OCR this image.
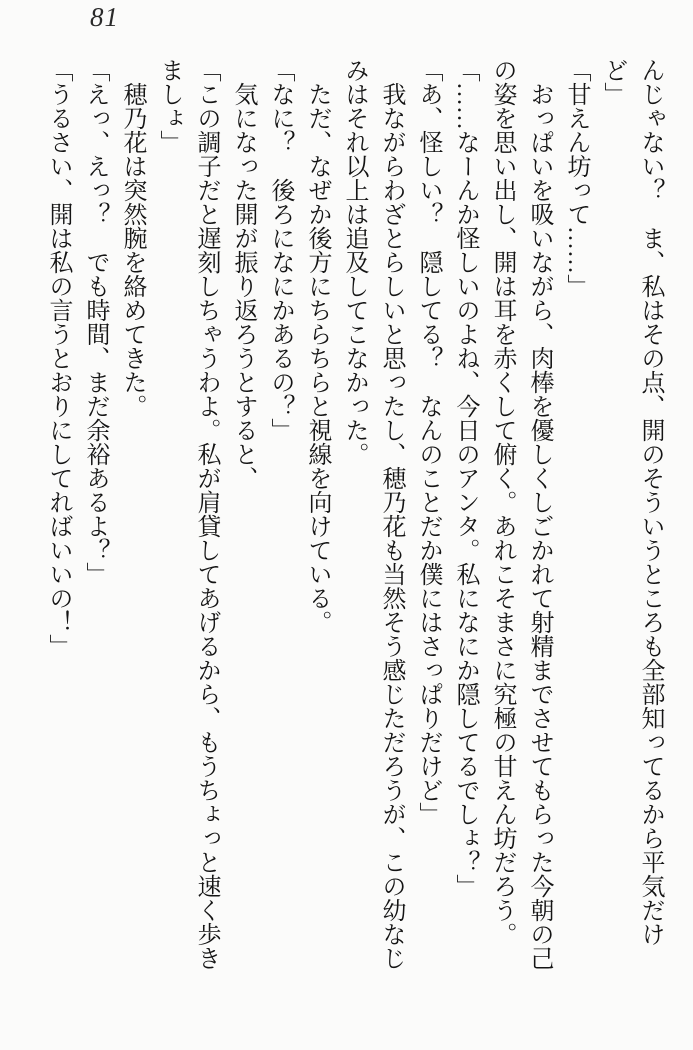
81

んじゃない？　ま、私はその点、開のそういうところも全部知ってるから平気だけ

ど」

「甘えん坊って……」

　おっぱいを吸いながら、肉棒を優しくしごかれて射精までさせてもらった今朝の己

の姿を思い出し、開は耳を赤くして俯く。あれこそまさに究極の甘えん坊だろう。

「……なーんか怪しいのよね、今日のアンタ。私になにか隠してるでしょ？」

「あ、怪しい？　隠してる？　なんのことだか僕にはさっぱりだけど」

　我ながらわざとらしいと思ったし、穂乃花も当然そう感じただろうが、この幼なじ

みはそれ以上は追及してこなかった。

　ただ、なぜか後方にちらちらと視線を向けている。

「なに？　後ろになにかあるの？」

　気になった開が振り返ろうとすると、

「この調子だと遅刻しちゃうわよ。私が肩貸してあげるから、もうちょっと速く歩き

ましょ」

　穂乃花は突然腕を絡めてきた。

「えっ、えっ？　でも時間、まだ余裕あるよ？」

「うるさい、開は私の言うとおりにしてればいいの！」
